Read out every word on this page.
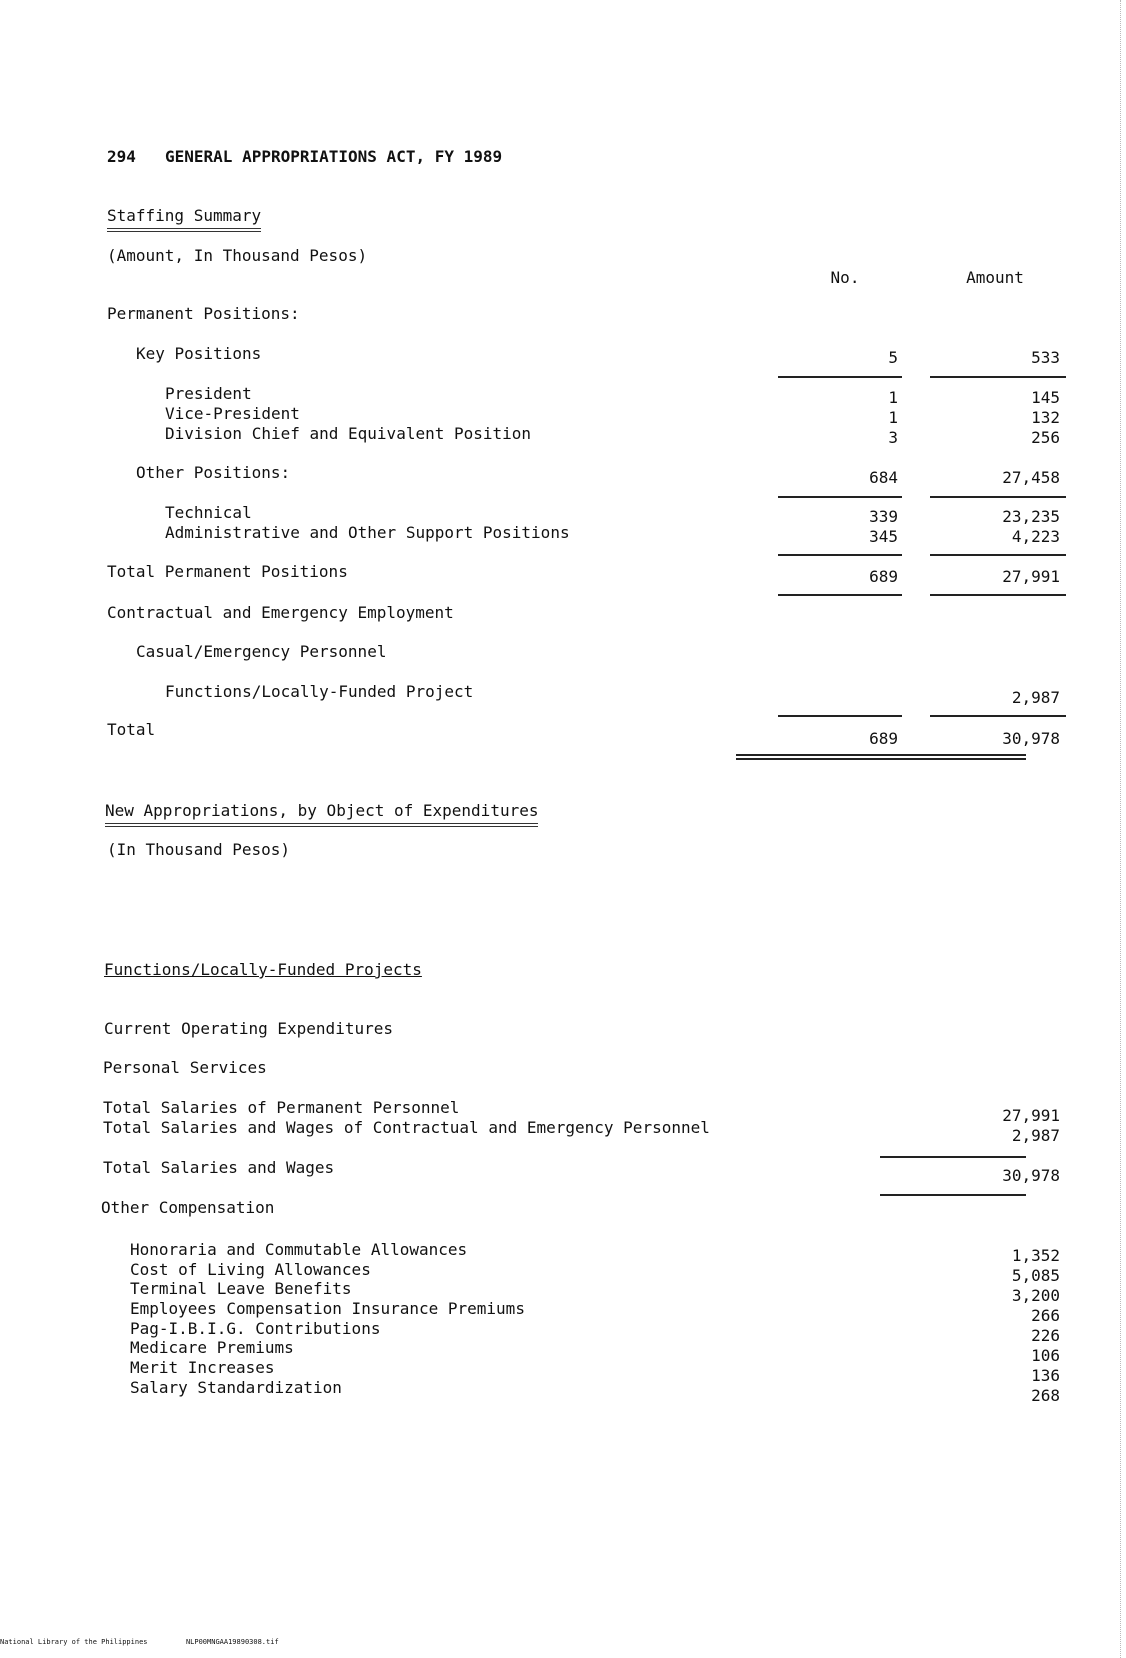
294 GENERAL APPROPRIATIONS ACT, FY 1989
Staffing Summary
(Amount, In Thousand Pesos)
No.	Amount
Permanent Positions:
Key Positions	5	533
President	1	145
Vice-President	1	132
Division Chief and Equivalent Position	3	256
Other Positions:	684	27,458
Technical	339	23,235
Administrative and Other Support Positions	345	4,223
Total Permanent Positions	689	27,991
Contractual and Emergency Employment
Casual/Emergency Personnel
Functions/Locally-Funded Project	2,987
Total	689	30,978
New Appropriations, by Object of Expenditures
(In Thousand Pesos)
Functions/Locally-Funded Projects
Current Operating Expenditures
Personal Services
Total Salaries of Permanent Personnel	27,991
Total Salaries and Wages of Contractual and Emergency Personnel	2,987
Total Salaries and Wages	30,978
Other Compensation
Honoraria and Commutable Allowances	1,352
Cost of Living Allowances	5,085
Terminal Leave Benefits	3,200
Employees Compensation Insurance Premiums	266
Pag-I.B.I.G. Contributions	226
Medicare Premiums	106
Merit Increases	136
Salary Standardization	268
National Library of the Philippines	NLP00MNGAA19890308.tif
